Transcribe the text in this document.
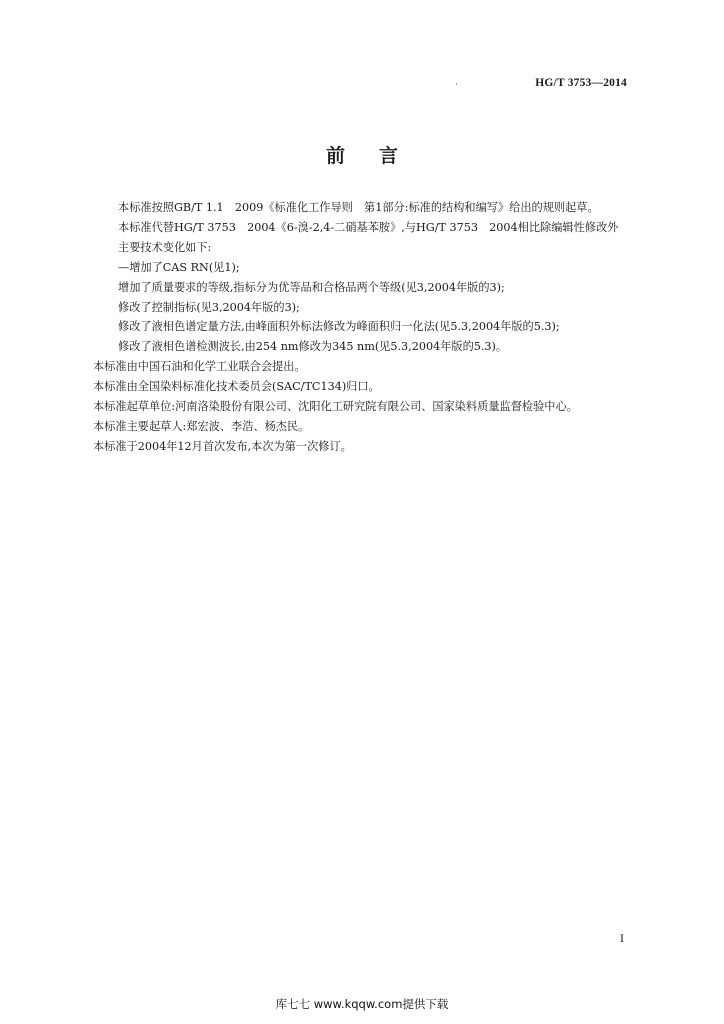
·	HG/T 3753—2014
前言

本标准按照GB/T 1.1　2009《标准化工作导则　第1部分:标准的结构和编写》给出的规则起草。

本标准代替HG/T 3753　2004《6-溴-2,4-二硝基苯胺》,与HG/T 3753　2004相比除编辑性修改外主要技术变化如下:

—增加了CAS RN(见1);

增加了质量要求的等级,指标分为优等品和合格品两个等级(见3,2004年版的3);

修改了控制指标(见3,2004年版的3);

修改了液相色谱定量方法,由峰面积外标法修改为峰面积归一化法(见5.3,2004年版的5.3);

修改了液相色谱检测波长,由254 nm修改为345 nm(见5.3,2004年版的5.3)。

本标准由中国石油和化学工业联合会提出。

本标准由全国染料标准化技术委员会(SAC/TC134)归口。

本标准起草单位:河南洛染股份有限公司、沈阳化工研究院有限公司、国家染料质量监督检验中心。

本标准主要起草人:郑宏波、李浩、杨杰民。

本标准于2004年12月首次发布,本次为第一次修订。

I
库七七 www.kqqw.com提供下载
